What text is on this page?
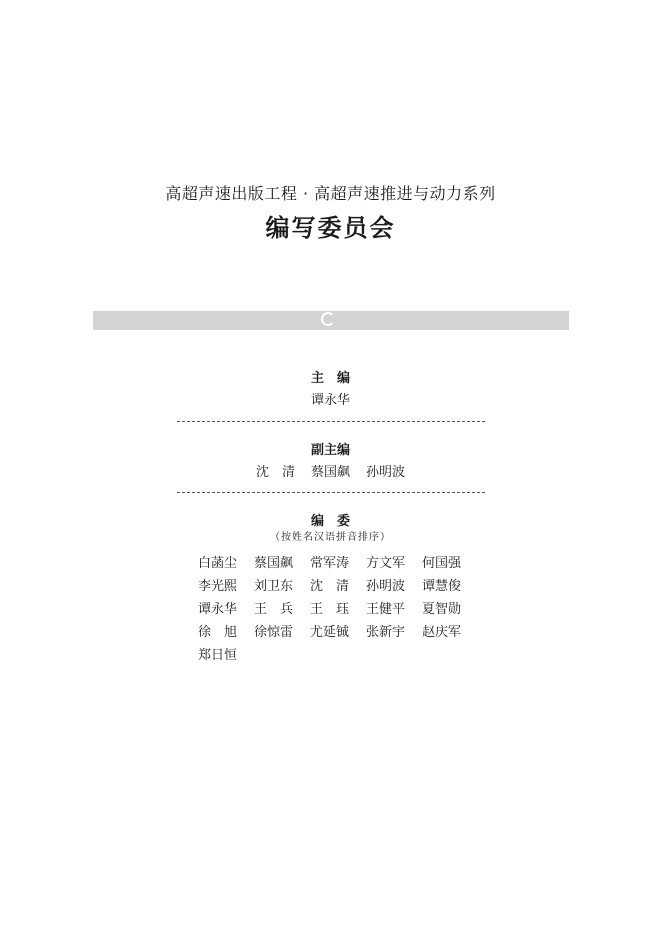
高超声速出版工程 · 高超声速推进与动力系列
编写委员会
主　编
谭永华
副主编
沈　清 蔡国飙 孙明波
编　委
（按姓名汉语拼音排序）
白菡尘	蔡国飙	常军涛	方文军	何国强
李光熙	刘卫东	沈　清	孙明波	谭慧俊
谭永华	王　兵	王　珏	王健平	夏智勋
徐　旭	徐惊雷	尤延铖	张新宇	赵庆军
郑日恒
